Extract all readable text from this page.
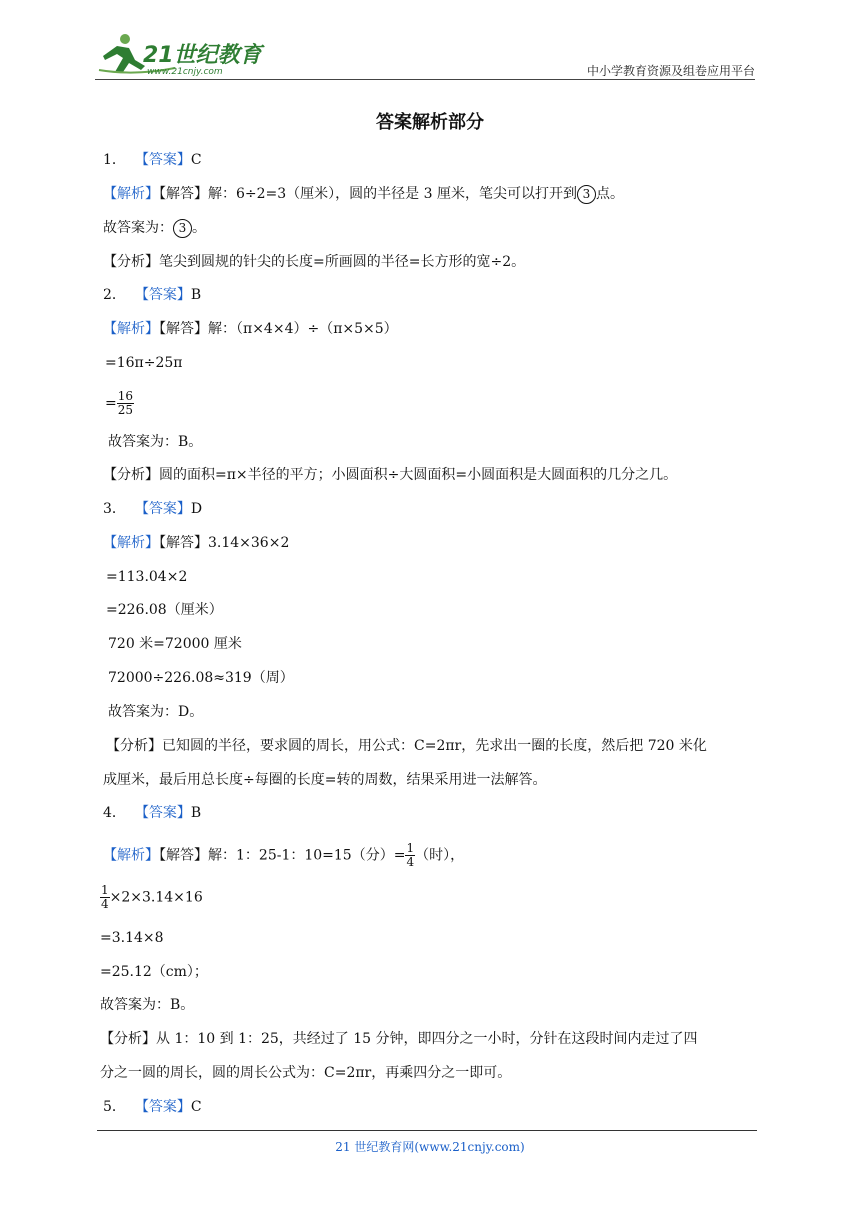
21世纪教育
www.21cnjy.com	中小学教育资源及组卷应用平台
答案解析部分
1． 【答案】C
【解析】【解答】解：6÷2=3（厘米），圆的半径是 3 厘米，笔尖可以打开到 3 点。
故答案为： 3 。
【分析】笔尖到圆规的针尖的长度=所画圆的半径=长方形的宽÷2。
2． 【答案】B
【解析】【解答】解：（π×4×4）÷（π×5×5）
=16π÷25π
= $\frac{16}{25}$
故答案为：B。
【分析】圆的面积=π×半径的平方；小圆面积÷大圆面积=小圆面积是大圆面积的几分之几。
3． 【答案】D
【解析】【解答】3.14×36×2
=113.04×2
=226.08（厘米）
720 米=72000 厘米
72000÷226.08≈319（周）
故答案为：D。
【分析】已知圆的半径，要求圆的周长，用公式：C=2πr，先求出一圈的长度，然后把 720 米化
成厘米，最后用总长度÷每圈的长度=转的周数，结果采用进一法解答。
4． 【答案】B
【解析】【解答】解：1：25-1：10=15（分）= $\frac{1}{4}$ （时），
$\frac{1}{4} \times 2\times 3.14\times 16$
=3.14×8
=25.12（cm）；
故答案为：B。
【分析】从 1：10 到 1：25，共经过了 15 分钟，即四分之一小时，分针在这段时间内走过了四
分之一圆的周长，圆的周长公式为：C=2πr，再乘四分之一即可。
5． 【答案】C
21 世纪教育网(www.21cnjy.com)
